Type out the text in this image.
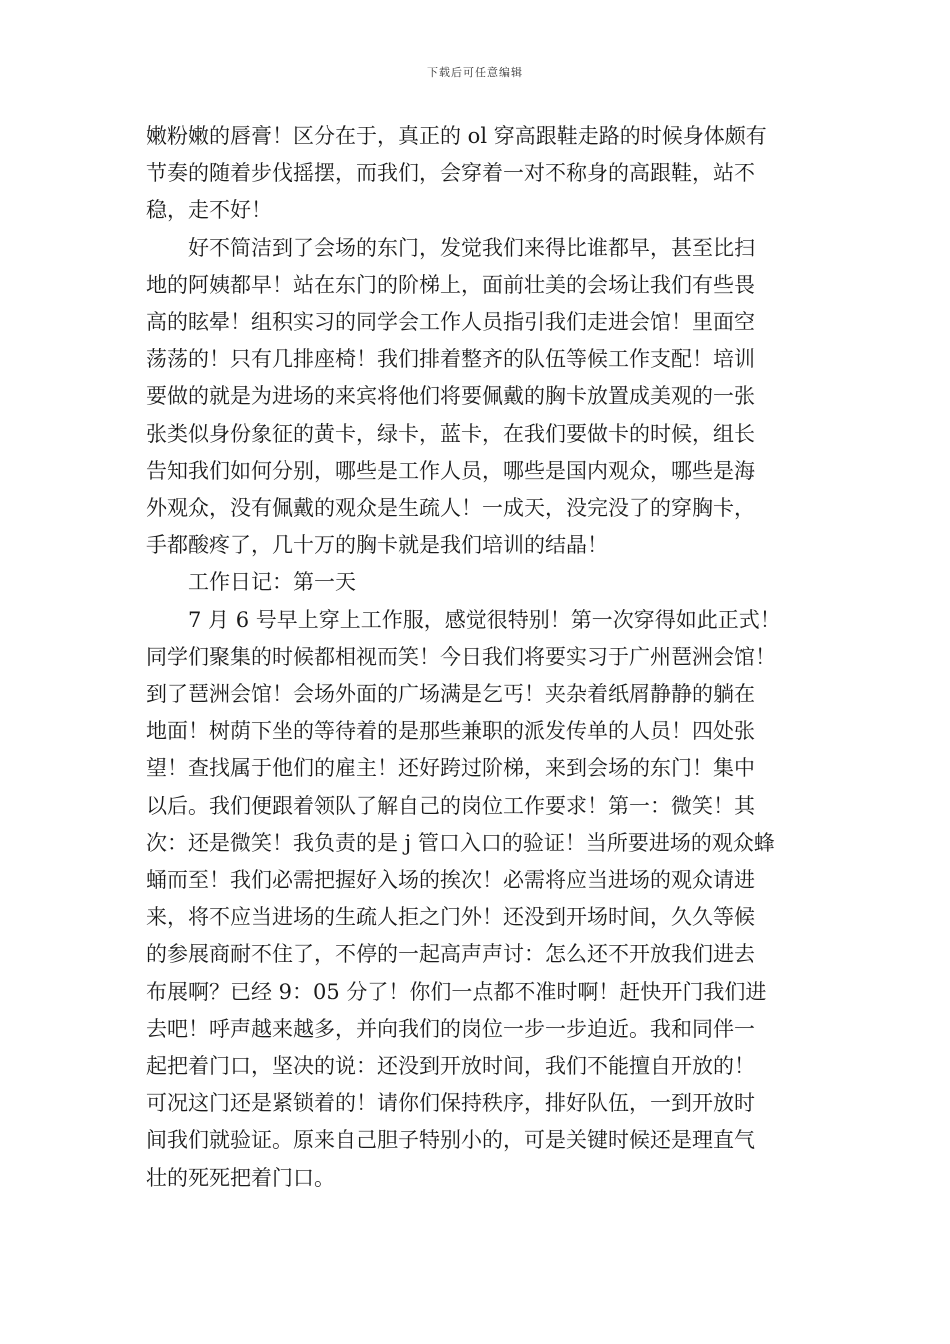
下载后可任意编辑

嫩粉嫩的唇膏！区分在于，真正的 ol 穿高跟鞋走路的时候身体颇有
节奏的随着步伐摇摆，而我们，会穿着一对不称身的高跟鞋，站不
稳，走不好！

好不简洁到了会场的东门，发觉我们来得比谁都早，甚至比扫
地的阿姨都早！站在东门的阶梯上，面前壮美的会场让我们有些畏
高的眩晕！组积实习的同学会工作人员指引我们走进会馆！里面空
荡荡的！只有几排座椅！我们排着整齐的队伍等候工作支配！培训
要做的就是为进场的来宾将他们将要佩戴的胸卡放置成美观的一张
张类似身份象征的黄卡，绿卡，蓝卡，在我们要做卡的时候，组长
告知我们如何分别，哪些是工作人员，哪些是国内观众，哪些是海
外观众，没有佩戴的观众是生疏人！一成天，没完没了的穿胸卡，
手都酸疼了，几十万的胸卡就是我们培训的结晶！

工作日记：第一天

7 月 6 号早上穿上工作服，感觉很特别！第一次穿得如此正式！
同学们聚集的时候都相视而笑！今日我们将要实习于广州琶洲会馆！
到了琶洲会馆！会场外面的广场满是乞丐！夹杂着纸屑静静的躺在
地面！树荫下坐的等待着的是那些兼职的派发传单的人员！四处张
望！查找属于他们的雇主！还好跨过阶梯，来到会场的东门！集中
以后。我们便跟着领队了解自己的岗位工作要求！第一：微笑！其
次：还是微笑！我负责的是 j 管口入口的验证！当所要进场的观众蜂
蛹而至！我们必需把握好入场的挨次！必需将应当进场的观众请进
来，将不应当进场的生疏人拒之门外！还没到开场时间，久久等候
的参展商耐不住了，不停的一起高声声讨：怎么还不开放我们进去
布展啊？已经 9：05 分了！你们一点都不准时啊！赶快开门我们进
去吧！呼声越来越多，并向我们的岗位一步一步迫近。我和同伴一
起把着门口，坚决的说：还没到开放时间，我们不能擅自开放的！
可况这门还是紧锁着的！请你们保持秩序，排好队伍，一到开放时
间我们就验证。原来自己胆子特别小的，可是关键时候还是理直气
壮的死死把着门口。
